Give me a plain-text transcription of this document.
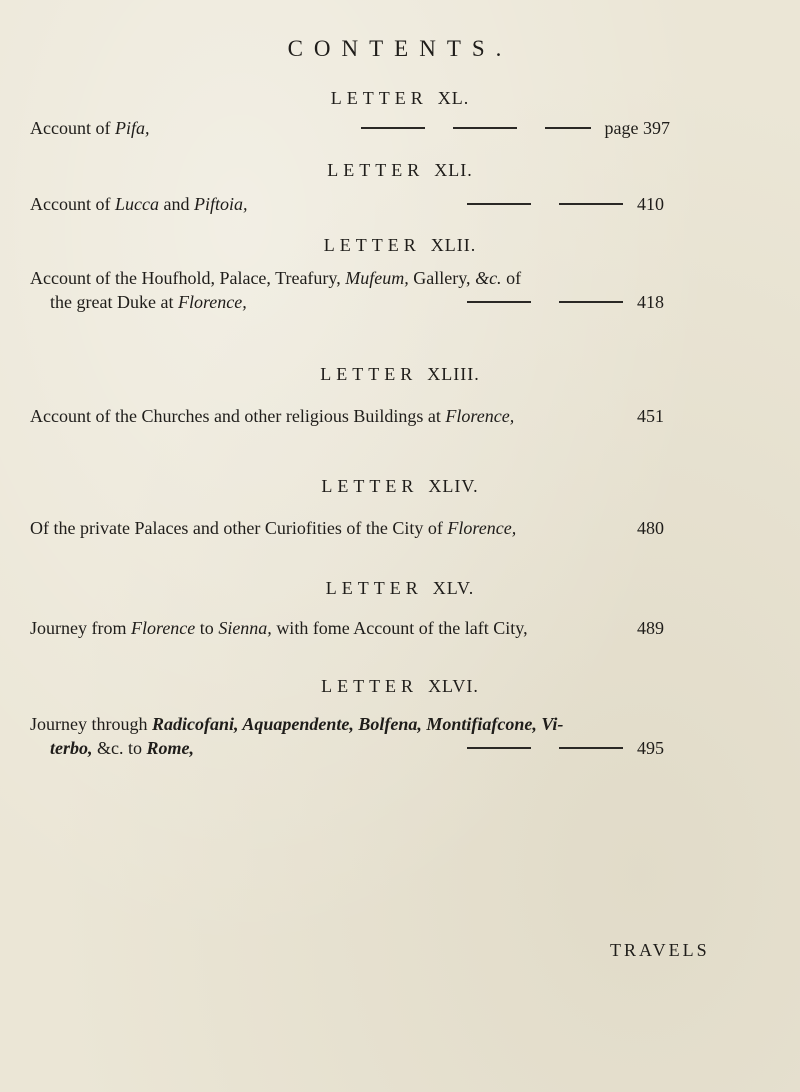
CONTENTS.
LETTER XL.
Account of Pifa,	page 397
LETTER XLI.
Account of Lucca and Piftoia,	410
LETTER XLII.
Account of the Houfhold, Palace, Treafury, Mufeum, Gallery, &c. of
the great Duke at Florence,	418
LETTER XLIII.
Account of the Churches and other religious Buildings at Florence,	451
LETTER XLIV.
Of the private Palaces and other Curiofities of the City of Florence,	480
LETTER XLV.
Journey from Florence to Sienna, with fome Account of the laft City,	489
LETTER XLVI.
Journey through Radicofani, Aquapendente, Bolfena, Montifiafcone, Vi-
terbo, &c. to Rome,	495
TRAVELS
